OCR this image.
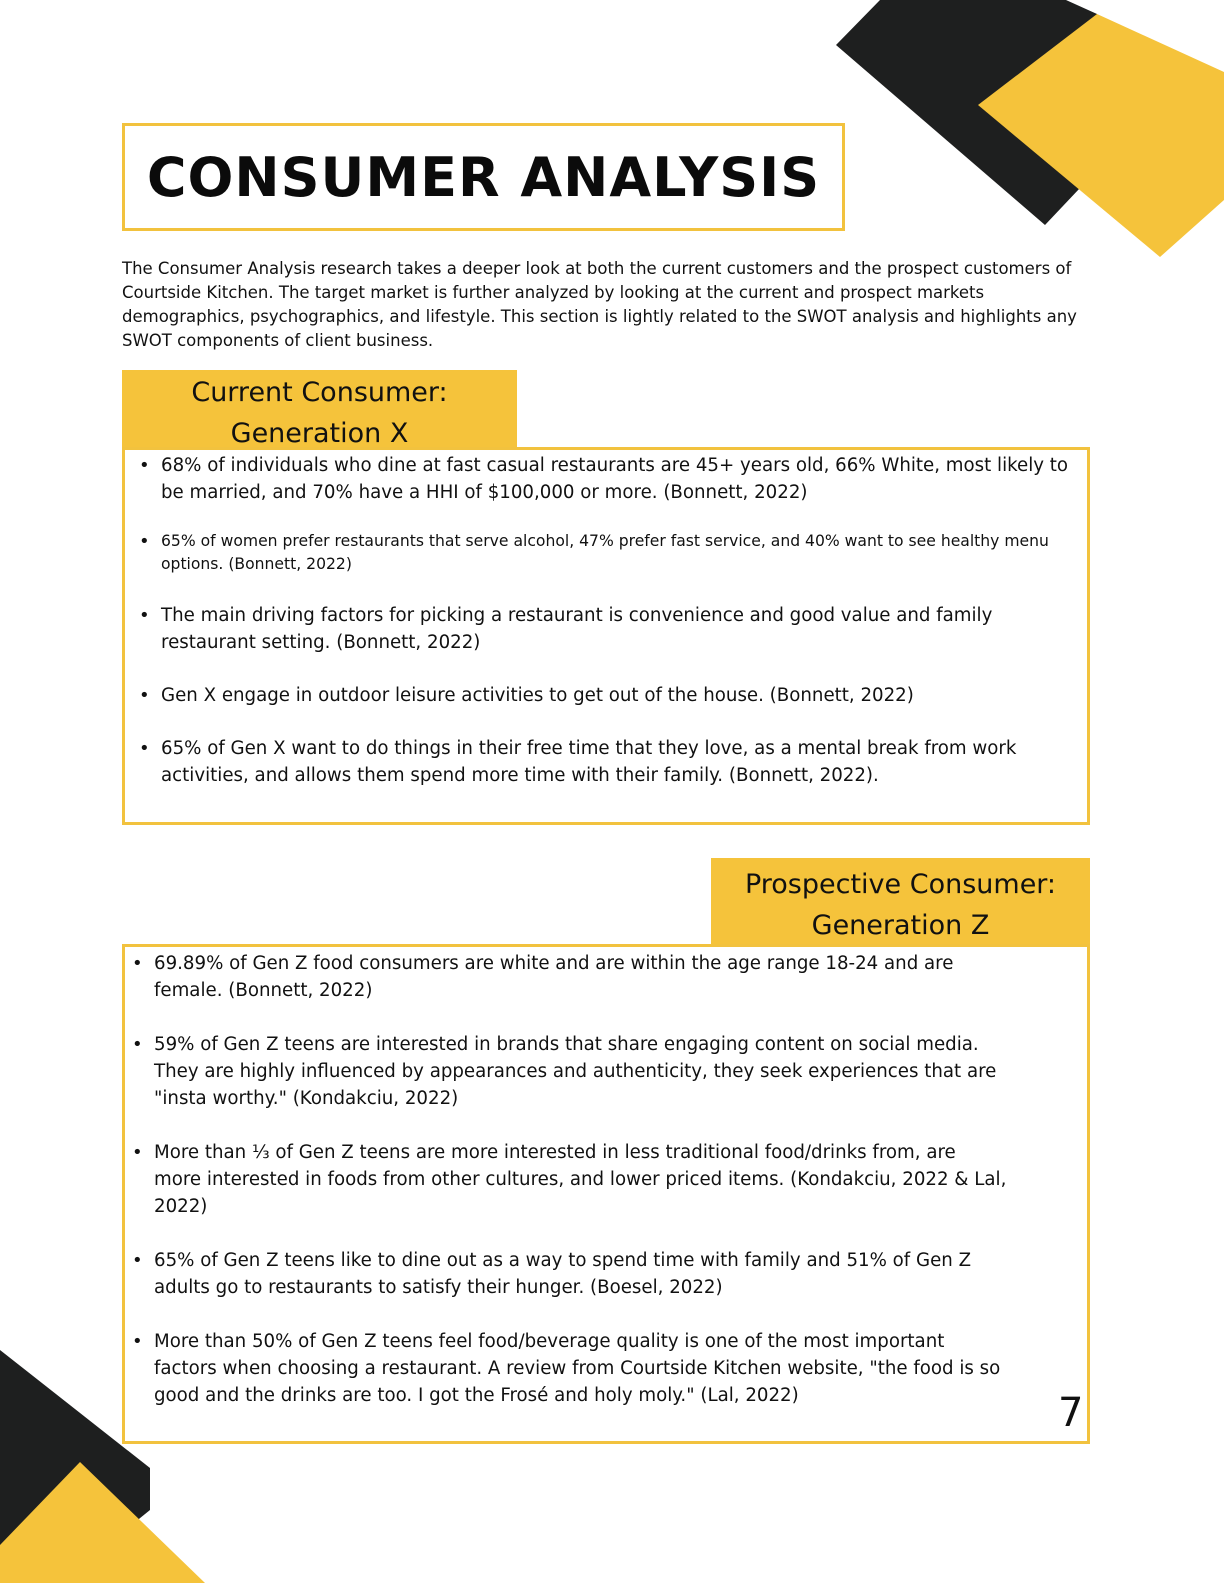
CONSUMER ANALYSIS

The Consumer Analysis research takes a deeper look at both the current customers and the prospect customers of Courtside Kitchen. The target market is further analyzed by looking at the current and prospect markets demographics, psychographics, and lifestyle. This section is lightly related to the SWOT analysis and highlights any SWOT components of client business.

Current Consumer:
Generation X
• 68% of individuals who dine at fast casual restaurants are 45+ years old, 66% White, most likely to be married, and 70% have a HHI of $100,000 or more. (Bonnett, 2022)
• 65% of women prefer restaurants that serve alcohol, 47% prefer fast service, and 40% want to see healthy menu options. (Bonnett, 2022)
• The main driving factors for picking a restaurant is convenience and good value and family restaurant setting. (Bonnett, 2022)
• Gen X engage in outdoor leisure activities to get out of the house. (Bonnett, 2022)
• 65% of Gen X want to do things in their free time that they love, as a mental break from work activities, and allows them spend more time with their family. (Bonnett, 2022).
Prospective Consumer:
Generation Z
• 69.89% of Gen Z food consumers are white and are within the age range 18-24 and are female. (Bonnett, 2022)
• 59% of Gen Z teens are interested in brands that share engaging content on social media. They are highly influenced by appearances and authenticity, they seek experiences that are "insta worthy." (Kondakciu, 2022)
• More than ⅓ of Gen Z teens are more interested in less traditional food/drinks from, are more interested in foods from other cultures, and lower priced items. (Kondakciu, 2022 & Lal, 2022)
• 65% of Gen Z teens like to dine out as a way to spend time with family and 51% of Gen Z adults go to restaurants to satisfy their hunger. (Boesel, 2022)
• More than 50% of Gen Z teens feel food/beverage quality is one of the most important factors when choosing a restaurant. A review from Courtside Kitchen website, "the food is so good and the drinks are too. I got the Frosé and holy moly." (Lal, 2022)	7
